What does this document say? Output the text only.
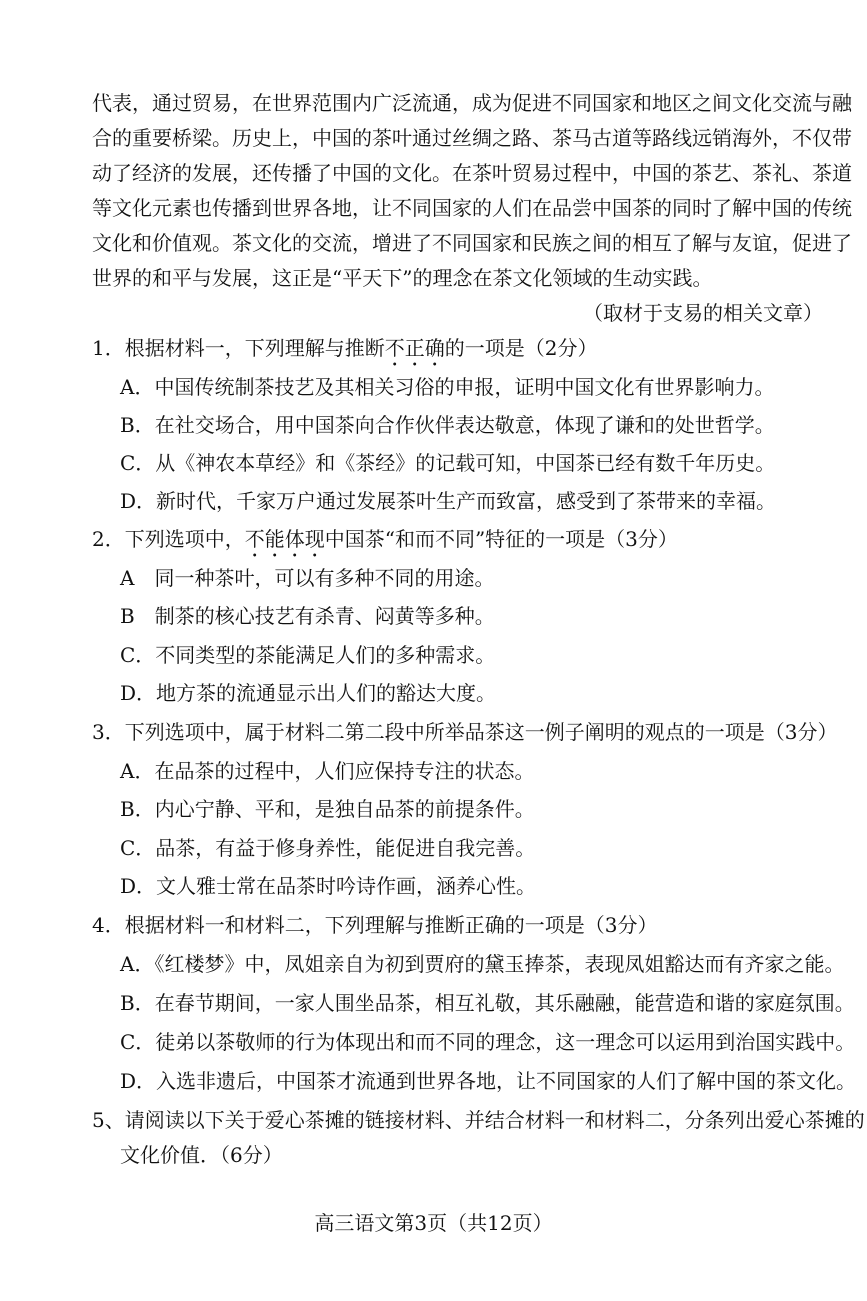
代表，通过贸易，在世界范围内广泛流通，成为促进不同国家和地区之间文化交流与融

合的重要桥梁。历史上，中国的茶叶通过丝绸之路、茶马古道等路线远销海外，不仅带

动了经济的发展，还传播了中国的文化。在茶叶贸易过程中，中国的茶艺、茶礼、茶道

等文化元素也传播到世界各地，让不同国家的人们在品尝中国茶的同时了解中国的传统

文化和价值观。茶文化的交流，增进了不同国家和民族之间的相互了解与友谊，促进了

世界的和平与发展，这正是“平天下”的理念在茶文化领域的生动实践。

（取材于支易的相关文章）

1．根据材料一，下列理解与推断不正确的一项是（2分）

A．中国传统制茶技艺及其相关习俗的申报，证明中国文化有世界影响力。

B．在社交场合，用中国茶向合作伙伴表达敬意，体现了谦和的处世哲学。

C．从《神农本草经》和《茶经》的记载可知，中国茶已经有数千年历史。

D．新时代，千家万户通过发展茶叶生产而致富，感受到了茶带来的幸福。

2．下列选项中，不能体现中国茶“和而不同”特征的一项是（3分）

A　同一种茶叶，可以有多种不同的用途。

B　制茶的核心技艺有杀青、闷黄等多种。

C．不同类型的茶能满足人们的多种需求。

D．地方茶的流通显示出人们的豁达大度。

3．下列选项中，属于材料二第二段中所举品茶这一例子阐明的观点的一项是（3分）

A．在品茶的过程中，人们应保持专注的状态。

B．内心宁静、平和，是独自品茶的前提条件。

C．品茶，有益于修身养性，能促进自我完善。

D．文人雅士常在品茶时吟诗作画，涵养心性。

4．根据材料一和材料二，下列理解与推断正确的一项是（3分）

A．《红楼梦》中，凤姐亲自为初到贾府的黛玉捧茶，表现凤姐豁达而有齐家之能。

B．在春节期间，一家人围坐品茶，相互礼敬，其乐融融，能营造和谐的家庭氛围。

C．徒弟以茶敬师的行为体现出和而不同的理念，这一理念可以运用到治国实践中。

D．入选非遗后，中国茶才流通到世界各地，让不同国家的人们了解中国的茶文化。

5、请阅读以下关于爱心茶摊的链接材料、并结合材料一和材料二，分条列出爱心茶摊的

文化价值．（6分）

高三语文第3页（共12页）
